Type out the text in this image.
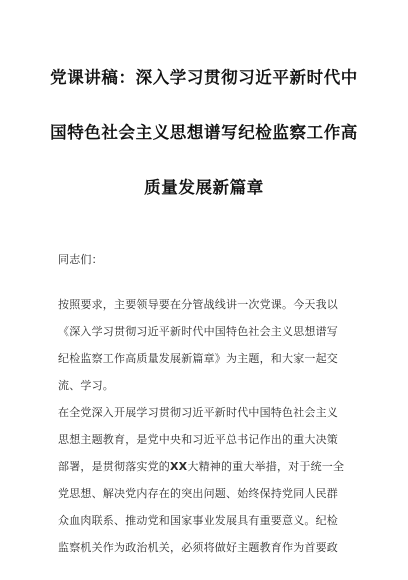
党课讲稿：深入学习贯彻习近平新时代中
国特色社会主义思想谱写纪检监察工作高
质量发展新篇章
同志们：
按照要求，主要领导要在分管战线讲一次党课。今天我以
《深入学习贯彻习近平新时代中国特色社会主义思想谱写
纪检监察工作高质量发展新篇章》为主题，和大家一起交
流、学习。
在全党深入开展学习贯彻习近平新时代中国特色社会主义
思想主题教育，是党中央和习近平总书记作出的重大决策
部署，是贯彻落实党的XX大精神的重大举措，对于统一全
党思想、解决党内存在的突出问题、始终保持党同人民群
众血肉联系、推动党和国家事业发展具有重要意义。纪检
监察机关作为政治机关，必须将做好主题教育作为首要政
